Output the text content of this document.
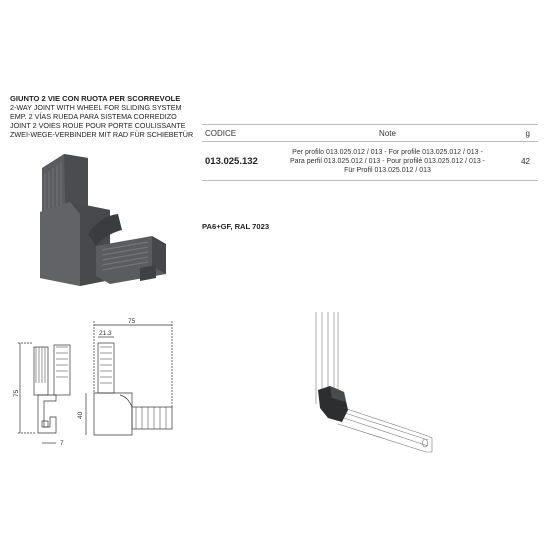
GIUNTO 2 VIE CON RUOTA PER SCORREVOLE
2-WAY JOINT WITH WHEEL FOR SLIDING SYSTEM
EMP. 2 VÍAS RUEDA PARA SISTEMA CORREDIZO
JOINT 2 VOIES ROUE POUR PORTE COULISSANTE
ZWEI-WEGE-VERBINDER MIT RAD FÜR SCHIEBETÜR	CODICE	Note	g
013.025.132	Per profilo 013.025.012 / 013 - For profile 013.025.012 / 013 - Para perfil 013.025.012 / 013 - Pour profilé 013.025.012 / 013 - Für Profil 013.025.012 / 013	42
PA6+GF, RAL 7023
75
21.3
75
40
7
